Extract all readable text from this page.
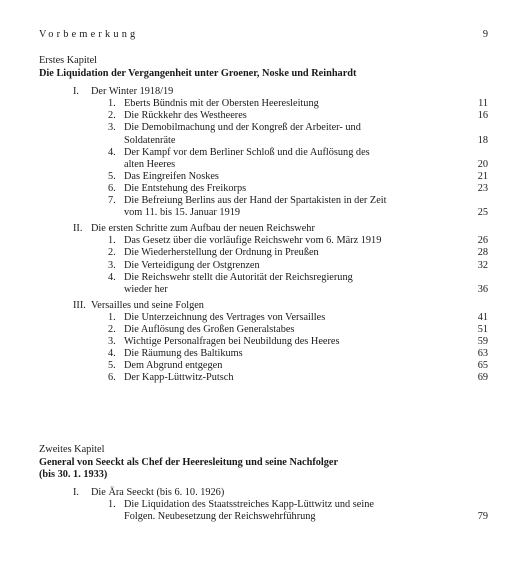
Vorbemerkung	9
Erstes Kapitel
Die Liquidation der Vergangenheit unter Groener, Noske und Reinhardt
I. Der Winter 1918/19
1. Eberts Bündnis mit der Obersten Heeresleitung	11
2. Die Rückkehr des Westheeres	16
3. Die Demobilmachung und der Kongreß der Arbeiter- und
Soldatenräte	18
4. Der Kampf vor dem Berliner Schloß und die Auflösung des
alten Heeres	20
5. Das Eingreifen Noskes	21
6. Die Entstehung des Freikorps	23
7. Die Befreiung Berlins aus der Hand der Spartakisten in der Zeit
vom 11. bis 15. Januar 1919	25
II. Die ersten Schritte zum Aufbau der neuen Reichswehr
1. Das Gesetz über die vorläufige Reichswehr vom 6. März 1919	26
2. Die Wiederherstellung der Ordnung in Preußen	28
3. Die Verteidigung der Ostgrenzen	32
4. Die Reichswehr stellt die Autorität der Reichsregierung
wieder her	36
III. Versailles und seine Folgen
1. Die Unterzeichnung des Vertrages von Versailles	41
2. Die Auflösung des Großen Generalstabes	51
3. Wichtige Personalfragen bei Neubildung des Heeres	59
4. Die Räumung des Baltikums	63
5. Dem Abgrund entgegen	65
6. Der Kapp-Lüttwitz-Putsch	69
Zweites Kapitel
General von Seeckt als Chef der Heeresleitung und seine Nachfolger
(bis 30. 1. 1933)
I. Die Ära Seeckt (bis 6. 10. 1926)
1. Die Liquidation des Staatsstreiches Kapp-Lüttwitz und seine
Folgen. Neubesetzung der Reichswehrführung	79
